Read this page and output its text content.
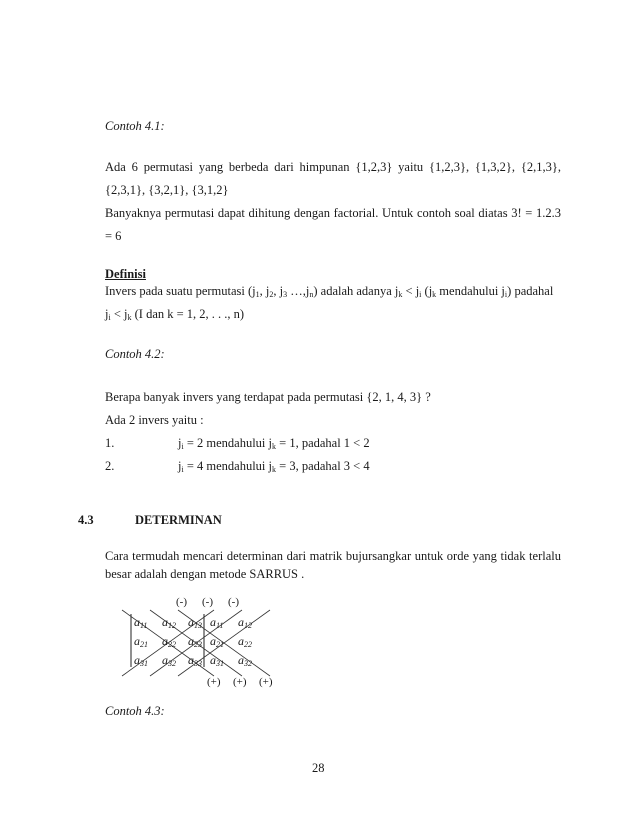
Contoh 4.1:
Ada 6 permutasi yang berbeda dari himpunan {1,2,3} yaitu {1,2,3}, {1,3,2}, {2,1,3},
{2,3,1}, {3,2,1}, {3,1,2}
Banyaknya permutasi dapat dihitung dengan factorial. Untuk contoh soal diatas 3! = 1.2.3
= 6
Definisi
Invers pada suatu permutasi ($j_1$, $j_2$, $j_3$ $\dots,j_n$) adalah adanya $j_k < j_i$ ($j_k$ mendahului $j_i$) padahal
$j_i < j_k$ (I dan k = 1, 2, . . ., n)
Contoh 4.2:
Berapa banyak invers yang terdapat pada permutasi {2, 1, 4, 3} ?
Ada 2 invers yaitu :
1.	$j_i = 2$ mendahului $j_k = 1$, padahal 1 < 2
2.	$j_i = 4$ mendahului $j_k = 3$, padahal 3 < 4
4.3	DETERMINAN
Cara termudah mencari determinan dari matrik bujursangkar untuk orde yang tidak terlalu
besar adalah dengan metode SARRUS .
(-) (-) (-)
$a_{11}$ $a_{12}$ $a_{13}$ $a_{11}$ $a_{12}$
$a_{21}$ $a_{22}$ $a_{23}$ $a_{21}$ $a_{22}$
$a_{31}$ $a_{32}$ $a_{33}$ $a_{31}$ $a_{32}$
(+) (+) (+)
Contoh 4.3:
28
